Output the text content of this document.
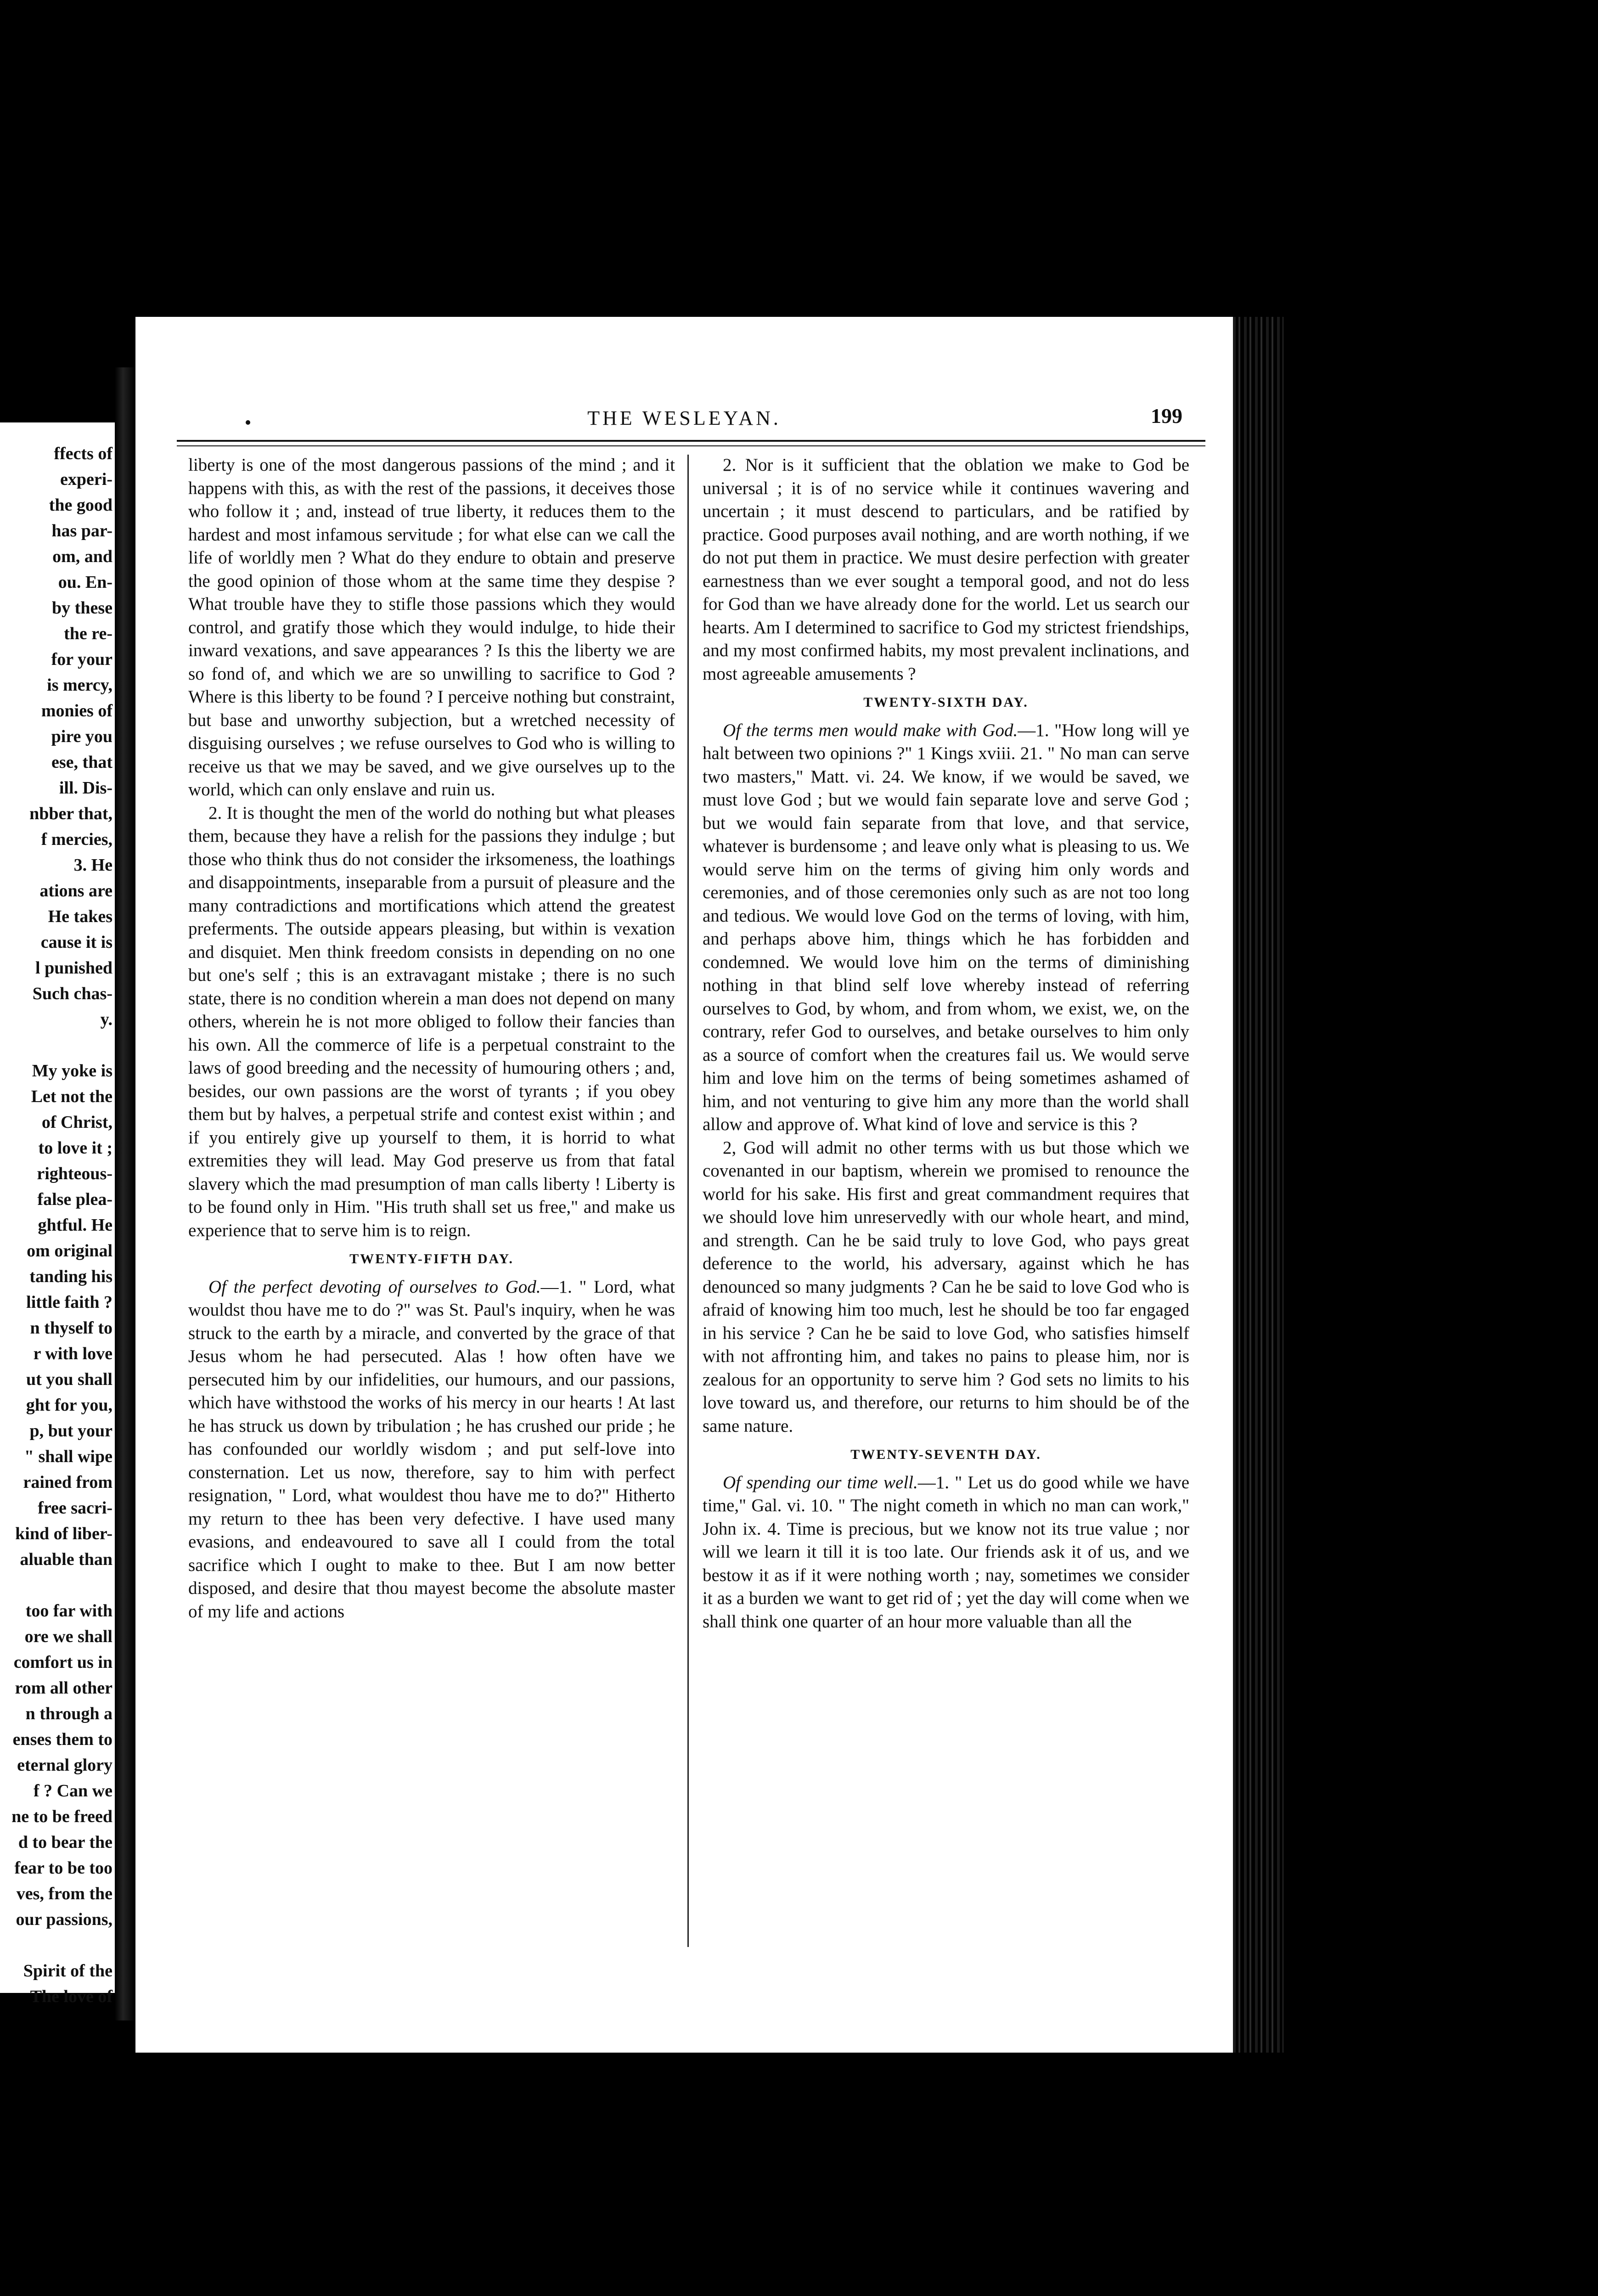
ffects of
experi-
the good
has par-
om, and
ou. En-
by these
the re-
for your
is mercy,
monies of
pire you
ese, that
ill. Dis-
nbber that,
f mercies,
3. He
ations are
He takes
cause it is
l punished
Such chas-
y.
My yoke is
Let not the
of Christ,
to love it ;
righteous-
false plea-
ghtful. He
om original
tanding his
little faith ?
n thyself to
r with love
ut you shall
ght for you,
p, but your
" shall wipe
rained from
free sacri-
kind of liber-
aluable than
too far with
ore we shall
comfort us in
rom all other
n through a
enses them to
eternal glory
f ? Can we
ne to be freed
d to bear the
fear to be too
ves, from the
our passions,
Spirit of the
The love of
THE WESLEYAN.	199

liberty is one of the most dangerous passions of the mind ; and it happens with this, as with the rest of the passions, it deceives those who follow it ; and, instead of true liberty, it reduces them to the hardest and most infamous servitude ; for what else can we call the life of worldly men ? What do they endure to obtain and preserve the good opinion of those whom at the same time they despise ? What trouble have they to stifle those passions which they would control, and gratify those which they would indulge, to hide their inward vexations, and save appearances ? Is this the liberty we are so fond of, and which we are so unwilling to sacrifice to God ? Where is this liberty to be found ? I perceive nothing but constraint, but base and unworthy subjection, but a wretched necessity of disguising ourselves ; we refuse ourselves to God who is willing to receive us that we may be saved, and we give ourselves up to the world, which can only enslave and ruin us.

2. It is thought the men of the world do nothing but what pleases them, because they have a relish for the passions they indulge ; but those who think thus do not consider the irksomeness, the loathings and disappointments, inseparable from a pursuit of pleasure and the many contradictions and mortifications which attend the greatest preferments. The outside appears pleasing, but within is vexation and disquiet. Men think freedom consists in depending on no one but one's self ; this is an extravagant mistake ; there is no such state, there is no condition wherein a man does not depend on many others, wherein he is not more obliged to follow their fancies than his own. All the commerce of life is a perpetual constraint to the laws of good breeding and the necessity of humouring others ; and, besides, our own passions are the worst of tyrants ; if you obey them but by halves, a perpetual strife and contest exist within ; and if you entirely give up yourself to them, it is horrid to what extremities they will lead. May God preserve us from that fatal slavery which the mad presumption of man calls liberty ! Liberty is to be found only in Him. "His truth shall set us free," and make us experience that to serve him is to reign.

TWENTY-FIFTH DAY.

Of the perfect devoting of ourselves to God.—1. " Lord, what wouldst thou have me to do ?" was St. Paul's inquiry, when he was struck to the earth by a miracle, and converted by the grace of that Jesus whom he had persecuted. Alas ! how often have we persecuted him by our infidelities, our humours, and our passions, which have withstood the works of his mercy in our hearts ! At last he has struck us down by tribulation ; he has crushed our pride ; he has confounded our worldly wisdom ; and put self-love into consternation. Let us now, therefore, say to him with perfect resignation, " Lord, what wouldest thou have me to do?" Hitherto my return to thee has been very defective. I have used many evasions, and endeavoured to save all I could from the total sacrifice which I ought to make to thee. But I am now better disposed, and desire that thou mayest become the absolute master of my life and actions

2. Nor is it sufficient that the oblation we make to God be universal ; it is of no service while it continues wavering and uncertain ; it must descend to particulars, and be ratified by practice. Good purposes avail nothing, and are worth nothing, if we do not put them in practice. We must desire perfection with greater earnestness than we ever sought a temporal good, and not do less for God than we have already done for the world. Let us search our hearts. Am I determined to sacrifice to God my strictest friendships, and my most confirmed habits, my most prevalent inclinations, and most agreeable amusements ?

TWENTY-SIXTH DAY.

Of the terms men would make with God.—1. "How long will ye halt between two opinions ?" 1 Kings xviii. 21. " No man can serve two masters," Matt. vi. 24. We know, if we would be saved, we must love God ; but we would fain separate love and serve God ; but we would fain separate from that love, and that service, whatever is burdensome ; and leave only what is pleasing to us. We would serve him on the terms of giving him only words and ceremonies, and of those ceremonies only such as are not too long and tedious. We would love God on the terms of loving, with him, and perhaps above him, things which he has forbidden and condemned. We would love him on the terms of diminishing nothing in that blind self love whereby instead of referring ourselves to God, by whom, and from whom, we exist, we, on the contrary, refer God to ourselves, and betake ourselves to him only as a source of comfort when the creatures fail us. We would serve him and love him on the terms of being sometimes ashamed of him, and not venturing to give him any more than the world shall allow and approve of. What kind of love and service is this ?

2, God will admit no other terms with us but those which we covenanted in our baptism, wherein we promised to renounce the world for his sake. His first and great commandment requires that we should love him unreservedly with our whole heart, and mind, and strength. Can he be said truly to love God, who pays great deference to the world, his adversary, against which he has denounced so many judgments ? Can he be said to love God who is afraid of knowing him too much, lest he should be too far engaged in his service ? Can he be said to love God, who satisfies himself with not affronting him, and takes no pains to please him, nor is zealous for an opportunity to serve him ? God sets no limits to his love toward us, and therefore, our returns to him should be of the same nature.

TWENTY-SEVENTH DAY.

Of spending our time well.—1. " Let us do good while we have time," Gal. vi. 10. " The night cometh in which no man can work," John ix. 4. Time is precious, but we know not its true value ; nor will we learn it till it is too late. Our friends ask it of us, and we bestow it as if it were nothing worth ; nay, sometimes we consider it as a burden we want to get rid of ; yet the day will come when we shall think one quarter of an hour more valuable than all the
